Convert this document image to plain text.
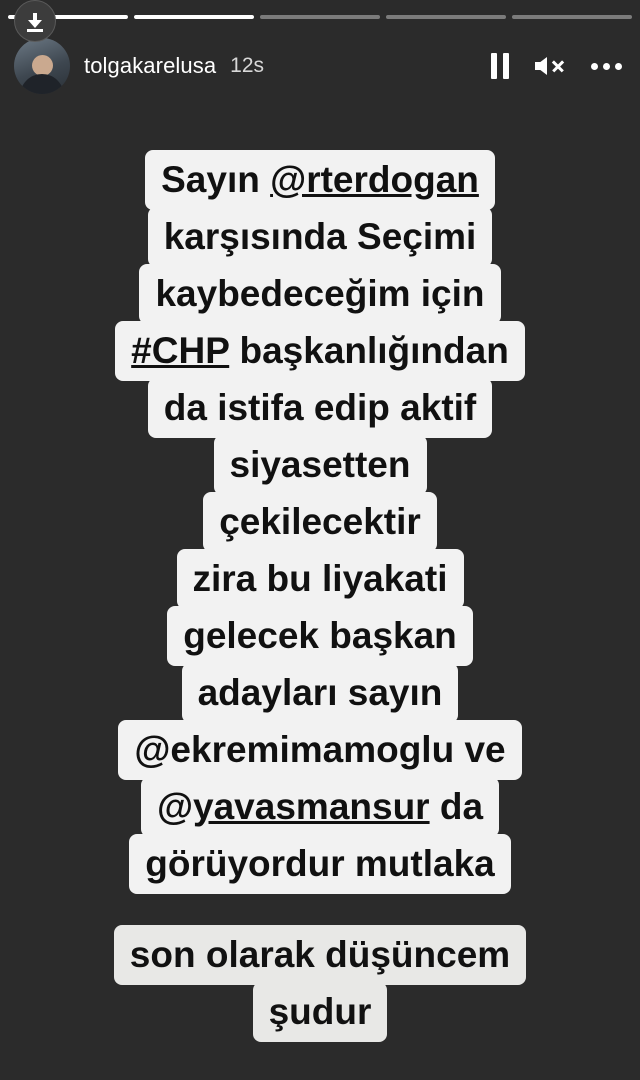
tolgakarelusa 12s
Sayın @rterdogan
karşısında Seçimi
kaybedeceğim için
#CHP başkanlığından
da istifa edip aktif
siyasetten
çekilecektir
zira bu liyakati
gelecek başkan
adayları sayın
@ekremimamoglu ve
@yavasmansur da
görüyordur mutlaka
son olarak düşüncem
şudur
